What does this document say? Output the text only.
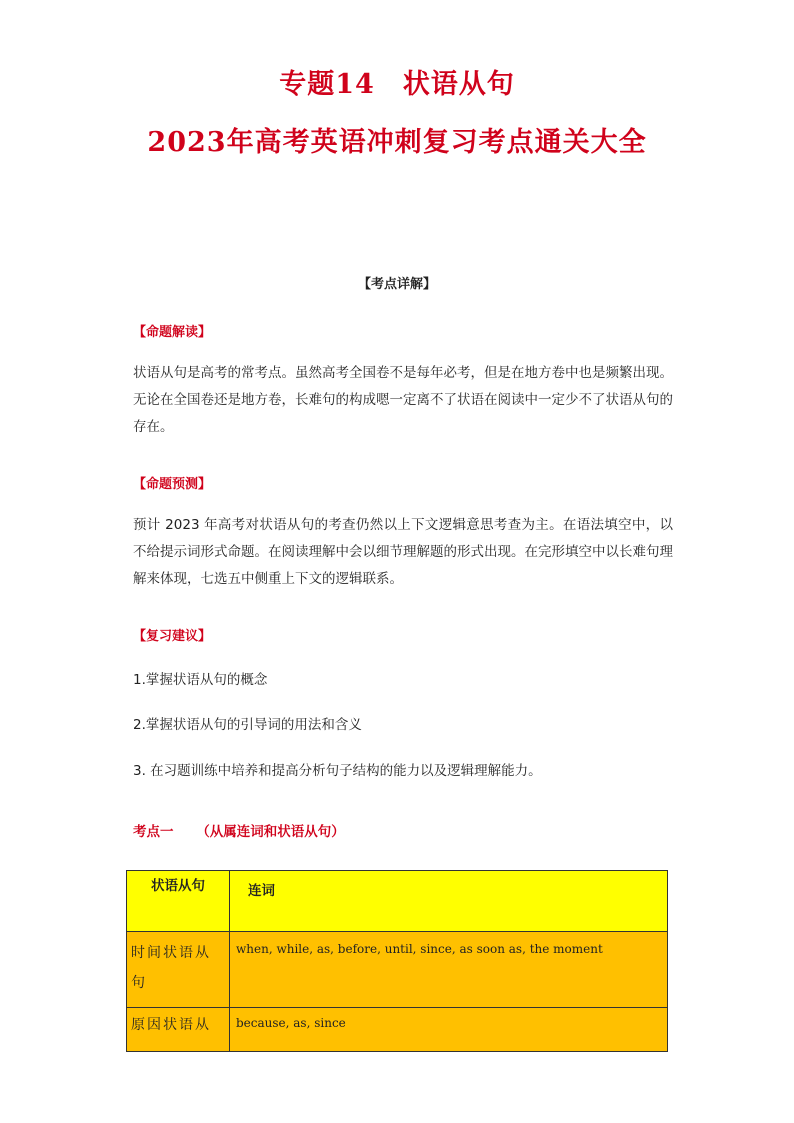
专题14　状语从句
2023年高考英语冲刺复习考点通关大全
【考点详解】
【命题解读】
状语从句是高考的常考点。虽然高考全国卷不是每年必考，但是在地方卷中也是频繁出现。无论在全国卷还是地方卷，长难句的构成嗯一定离不了状语在阅读中一定少不了状语从句的存在。
【命题预测】
预计 2023 年高考对状语从句的考查仍然以上下文逻辑意思考查为主。在语法填空中，以不给提示词形式命题。在阅读理解中会以细节理解题的形式出现。在完形填空中以长难句理解来体现，七选五中侧重上下文的逻辑联系。
【复习建议】
1.掌握状语从句的概念
2.掌握状语从句的引导词的用法和含义
3. 在习题训练中培养和提高分析句子结构的能力以及逻辑理解能力。
考点一 （从属连词和状语从句）
状语从句	连词
时间状语从句	when, while, as, before, until, since, as soon as, the moment
原因状语从	because, as, since
